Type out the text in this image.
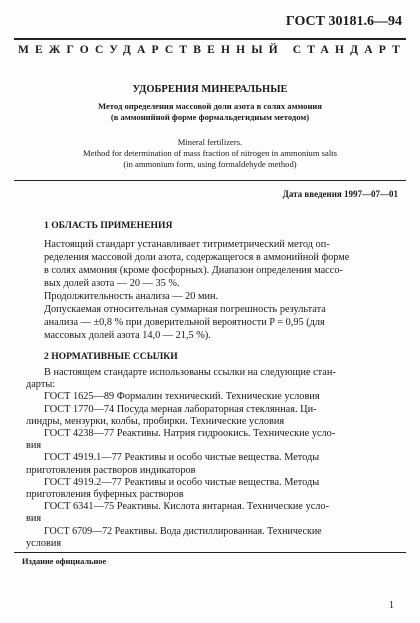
ГОСТ 30181.6—94
МЕЖГОСУДАРСТВЕННЫЙ СТАНДАРТ
УДОБРЕНИЯ МИНЕРАЛЬНЫЕ
Метод определения массовой доли азота в солях аммония
(в аммонийной форме формальдегидным методом)
Mineral fertilizers.
Method for determination of mass fraction of nitrogen in ammonium salts
(in ammonium form, using formaldehyde method)
Дата введения 1997—07—01
1 ОБЛАСТЬ ПРИМЕНЕНИЯ
Настоящий стандарт устанавливает титриметрический метод оп-
ределения массовой доли азота, содержащегося в аммонийной форме
в солях аммония (кроме фосфорных). Диапазон определения массо-
вых долей азота — 20 — 35 %.
Продолжительность анализа — 20 мин.
Допускаемая относительная суммарная погрешность результата
анализа — ±0,8 % при доверительной вероятности P = 0,95 (для
массовых долей азота 14,0 — 21,5 %).
2 НОРМАТИВНЫЕ ССЫЛКИ
В настоящем стандарте использованы ссылки на следующие стан-
дарты:
ГОСТ 1625—89 Формалин технический. Технические условия
ГОСТ 1770—74 Посуда мерная лабораторная стеклянная. Ци-
линдры, мензурки, колбы, пробирки. Технические условия
ГОСТ 4238—77 Реактивы. Натрия гидроокись. Технические усло-
вия
ГОСТ 4919.1—77 Реактивы и особо чистые вещества. Методы
приготовления растворов индикаторов
ГОСТ 4919.2—77 Реактивы и особо чистые вещества. Методы
приготовления буферных растворов
ГОСТ 6341—75 Реактивы. Кислота янтарная. Технические усло-
вия
ГОСТ 6709—72 Реактивы. Вода дистиллированная. Технические
Издание официальное
1
условия
